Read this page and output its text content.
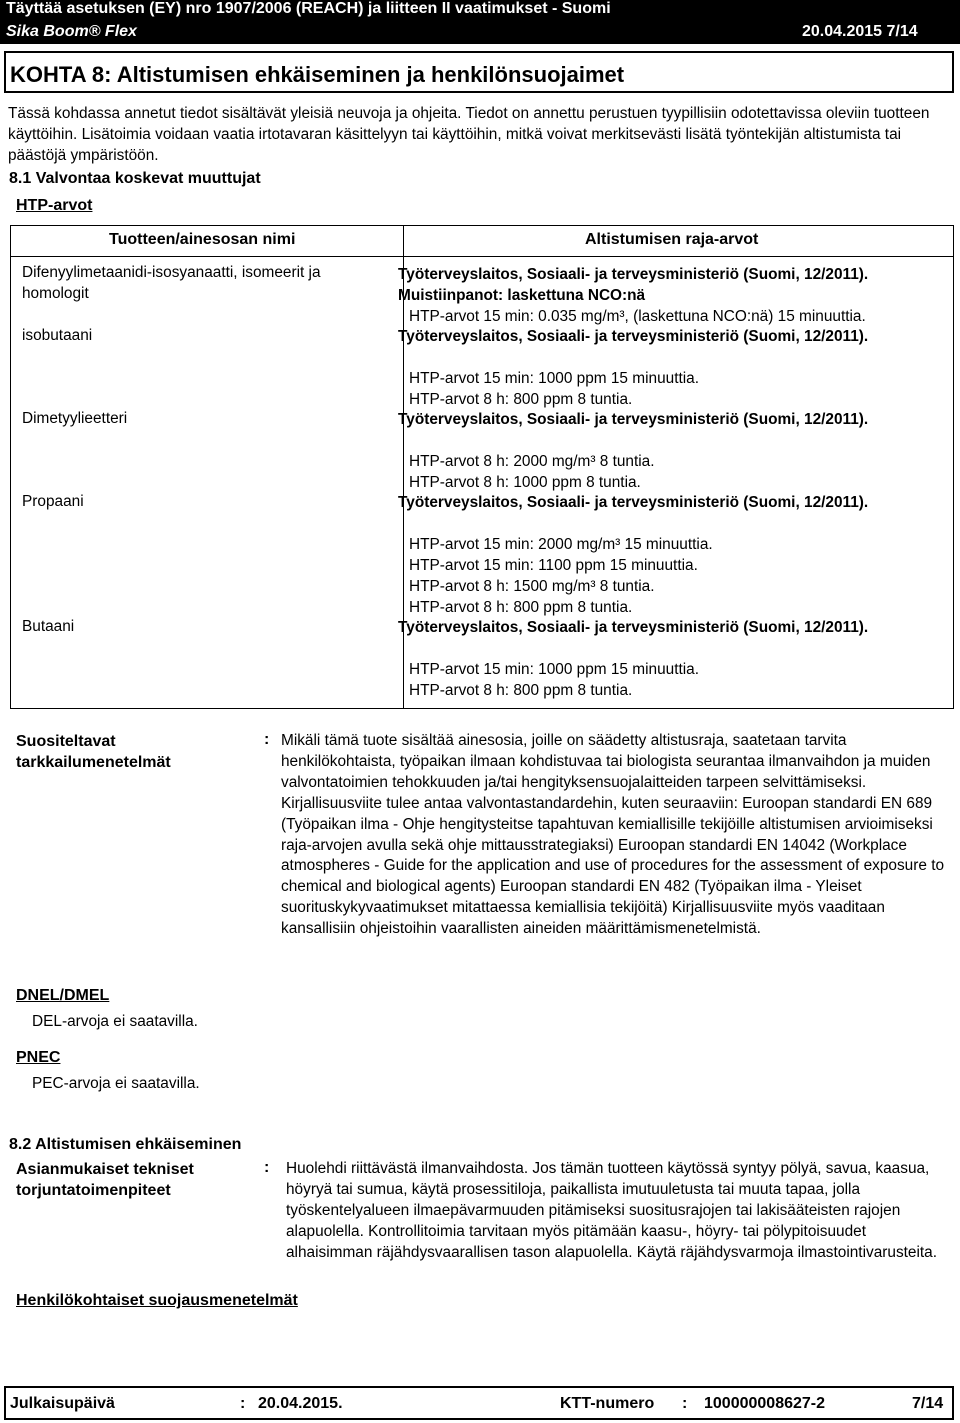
Täyttää asetuksen (EY) nro 1907/2006 (REACH) ja liitteen II vaatimukset - Suomi
Sika Boom® Flex	20.04.2015 7/14
KOHTA 8: Altistumisen ehkäiseminen ja henkilönsuojaimet
Tässä kohdassa annetut tiedot sisältävät yleisiä neuvoja ja ohjeita. Tiedot on annettu perustuen tyypillisiin odotettavissa oleviin tuotteen käyttöihin. Lisätoimia voidaan vaatia irtotavaran käsittelyyn tai käyttöihin, mitkä voivat merkitsevästi lisätä työntekijän altistumista tai päästöjä ympäristöön.
8.1 Valvontaa koskevat muuttujat
HTP-arvot
Tuotteen/ainesosan nimi	Altistumisen raja-arvot
Difenyylimetaanidi-isosyanaatti, isomeerit ja homologit
Työterveyslaitos, Sosiaali- ja terveysministeriö (Suomi, 12/2011). Muistiinpanot: laskettuna NCO:nä
HTP-arvot 15 min: 0.035 mg/m³, (laskettuna NCO:nä) 15 minuuttia.
isobutaani	Työterveyslaitos, Sosiaali- ja terveysministeriö (Suomi, 12/2011).
HTP-arvot 15 min: 1000 ppm 15 minuuttia.
HTP-arvot 8 h: 800 ppm 8 tuntia.
Dimetyylieetteri	Työterveyslaitos, Sosiaali- ja terveysministeriö (Suomi, 12/2011).
HTP-arvot 8 h: 2000 mg/m³ 8 tuntia.
HTP-arvot 8 h: 1000 ppm 8 tuntia.
Propaani	Työterveyslaitos, Sosiaali- ja terveysministeriö (Suomi, 12/2011).
HTP-arvot 15 min: 2000 mg/m³ 15 minuuttia.
HTP-arvot 15 min: 1100 ppm 15 minuuttia.
HTP-arvot 8 h: 1500 mg/m³ 8 tuntia.
HTP-arvot 8 h: 800 ppm 8 tuntia.
Butaani	Työterveyslaitos, Sosiaali- ja terveysministeriö (Suomi, 12/2011).
HTP-arvot 15 min: 1000 ppm 15 minuuttia.
HTP-arvot 8 h: 800 ppm 8 tuntia.
Suositeltavat tarkkailumenetelmät
: Mikäli tämä tuote sisältää ainesosia, joille on säädetty altistusraja, saatetaan tarvita henkilökohtaista, työpaikan ilmaan kohdistuvaa tai biologista seurantaa ilmanvaihdon ja muiden valvontatoimien tehokkuuden ja/tai hengityksensuojalaitteiden tarpeen selvittämiseksi. Kirjallisuusviite tulee antaa valvontastandardehin, kuten seuraaviin: Euroopan standardi EN 689 (Työpaikan ilma - Ohje hengitysteitse tapahtuvan kemiallisille tekijöille altistumisen arvioimiseksi raja-arvojen avulla sekä ohje mittausstrategiaksi) Euroopan standardi EN 14042 (Workplace atmospheres - Guide for the application and use of procedures for the assessment of exposure to chemical and biological agents) Euroopan standardi EN 482 (Työpaikan ilma - Yleiset suorituskykyvaatimukset mitattaessa kemiallisia tekijöitä) Kirjallisuusviite myös vaaditaan kansallisiin ohjeistoihin vaarallisten aineiden määrittämismenetelmistä.
DNEL/DMEL
DEL-arvoja ei saatavilla.
PNEC
PEC-arvoja ei saatavilla.
8.2 Altistumisen ehkäiseminen
Asianmukaiset tekniset torjuntatoimenpiteet
: Huolehdi riittävästä ilmanvaihdosta. Jos tämän tuotteen käytössä syntyy pölyä, savua, kaasua, höyryä tai sumua, käytä prosessitiloja, paikallista imutuuletusta tai muuta tapaa, jolla työskentelyalueen ilmaepävarmuuden pitämiseksi suositusrajojen tai lakisääteisten rajojen alapuolella. Kontrollitoimia tarvitaan myös pitämään kaasu-, höyry- tai pölypitoisuudet alhaisimman räjähdysvaarallisen tason alapuolella. Käytä räjähdysvarmoja ilmastointivarusteita.
Henkilökohtaiset suojausmenetelmät
Julkaisupäivä	: 20.04.2015.	KTT-numero : 100000008627-2	7/14
